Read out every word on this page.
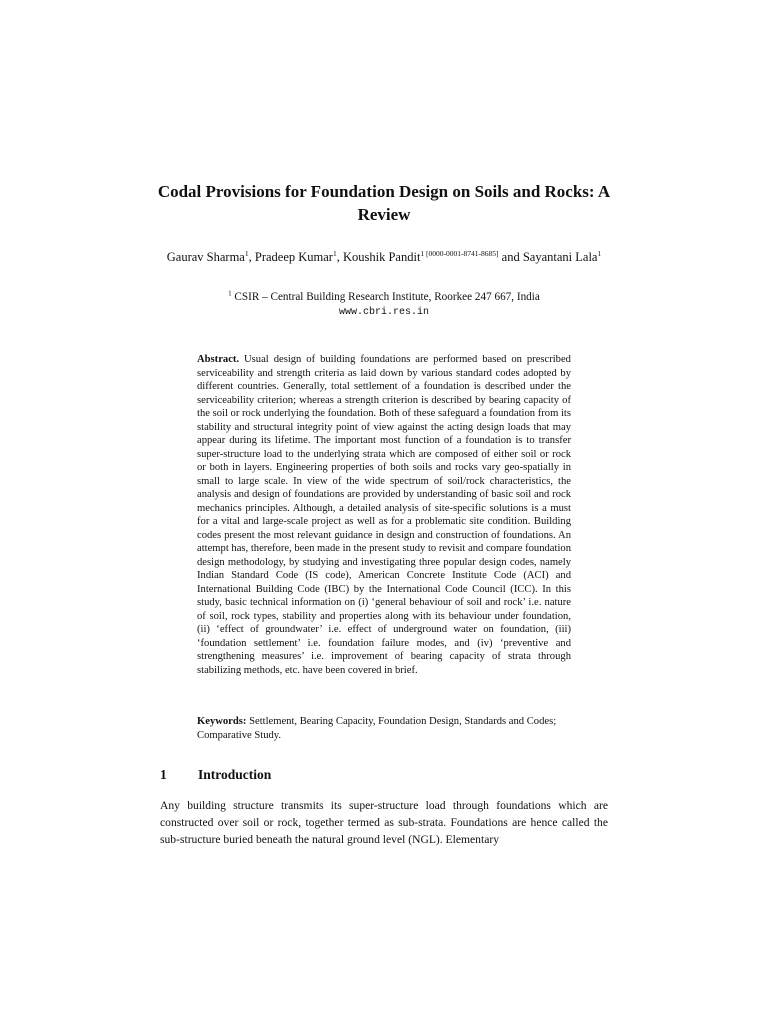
Codal Provisions for Foundation Design on Soils and Rocks: A Review
Gaurav Sharma$^1$, Pradeep Kumar$^1$, Koushik Pandit$^{1 [0000-0001-8741-8685]}$ and Sayantani Lala$^1$
$^1$ CSIR – Central Building Research Institute, Roorkee 247 667, India
www.cbri.res.in

Abstract. Usual design of building foundations are performed based on prescribed serviceability and strength criteria as laid down by various standard codes adopted by different countries. Generally, total settlement of a foundation is described under the serviceability criterion; whereas a strength criterion is described by bearing capacity of the soil or rock underlying the foundation. Both of these safeguard a foundation from its stability and structural integrity point of view against the acting design loads that may appear during its lifetime. The important most function of a foundation is to transfer super-structure load to the underlying strata which are composed of either soil or rock or both in layers. Engineering properties of both soils and rocks vary geo-spatially in small to large scale. In view of the wide spectrum of soil/rock characteristics, the analysis and design of foundations are provided by understanding of basic soil and rock mechanics principles. Although, a detailed analysis of site-specific solutions is a must for a vital and large-scale project as well as for a problematic site condition. Building codes present the most relevant guidance in design and construction of foundations. An attempt has, therefore, been made in the present study to revisit and compare foundation design methodology, by studying and investigating three popular design codes, namely Indian Standard Code (IS code), American Concrete Institute Code (ACI) and International Building Code (IBC) by the International Code Council (ICC). In this study, basic technical information on (i) ‘general behaviour of soil and rock’ i.e. nature of soil, rock types, stability and properties along with its behaviour under foundation, (ii) ‘effect of groundwater’ i.e. effect of underground water on foundation, (iii) ‘foundation settlement’ i.e. foundation failure modes, and (iv) ‘preventive and strengthening measures’ i.e. improvement of bearing capacity of strata through stabilizing methods, etc. have been covered in brief.

Keywords: Settlement, Bearing Capacity, Foundation Design, Standards and Codes; Comparative Study.

1 Introduction

Any building structure transmits its super-structure load through foundations which are constructed over soil or rock, together termed as sub-strata. Foundations are hence called the sub-structure buried beneath the natural ground level (NGL). Elementary
